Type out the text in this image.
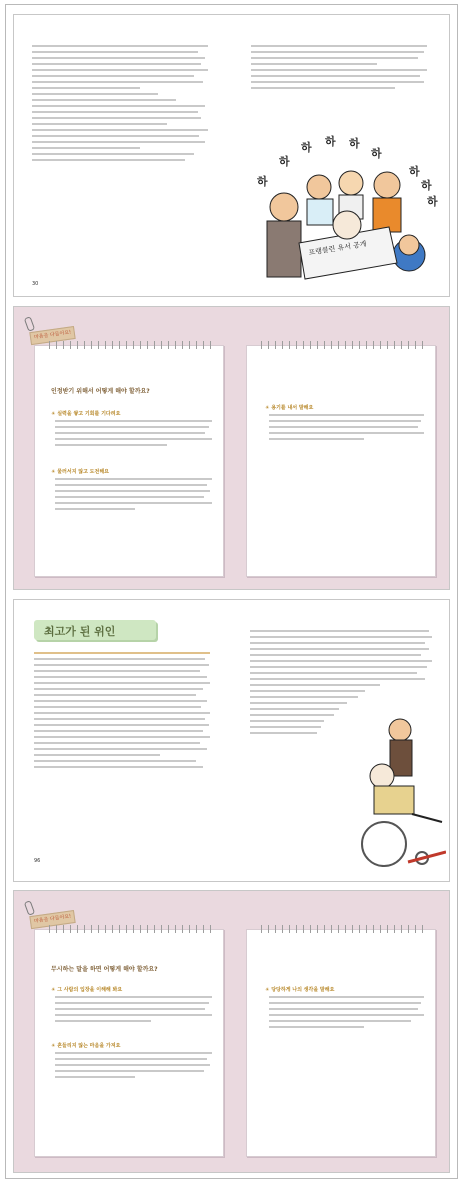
30
하
하
하 하 하
하
하
하
하
프랭클린 유서 공개
마음을 다듬어요!
인정받기 위해서 어떻게 해야 할까요?
☀ 실력을 쌓고 기회를 기다려요
☀ 물러서지 않고 도전해요
☀ 용기를 내서 말해요
최고가 된 위인
96
마음을 다듬어요!
무시하는 말을 하면 어떻게 해야 할까요?
☀ 그 사람의 입장을 이해해 봐요
☀ 흔들리지 않는 마음을 가져요
☀ 당당하게 나의 생각을 말해요
